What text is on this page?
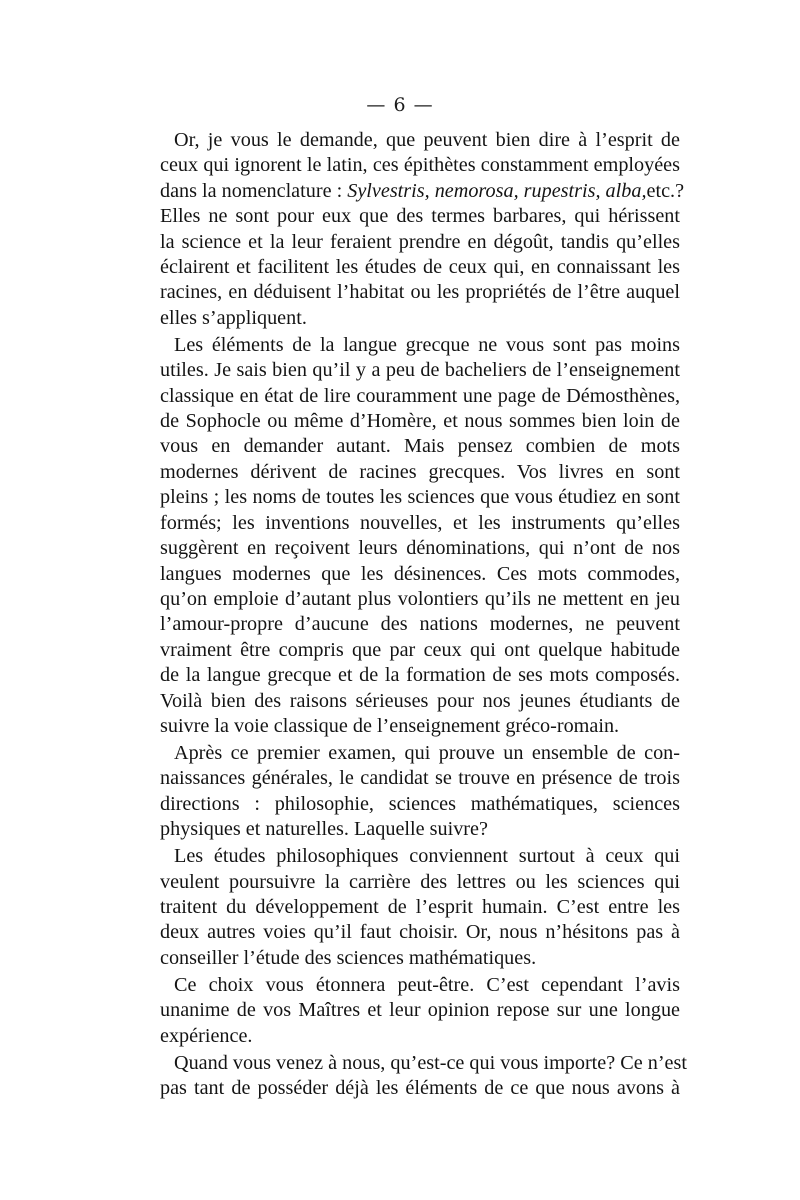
— 6 —

Or, je vous le demande, que peuvent bien dire à l’esprit de
ceux qui ignorent le latin, ces épithètes constamment employées
dans la nomenclature : Sylvestris, nemorosa, rupestris, alba,etc.?
Elles ne sont pour eux que des termes barbares, qui hérissent
la science et la leur feraient prendre en dégoût, tandis qu’elles
éclairent et facilitent les études de ceux qui, en connaissant les
racines, en déduisent l’habitat ou les propriétés de l’être auquel
elles s’appliquent.

Les éléments de la langue grecque ne vous sont pas moins
utiles. Je sais bien qu’il y a peu de bacheliers de l’enseignement
classique en état de lire couramment une page de Démosthènes,
de Sophocle ou même d’Homère, et nous sommes bien loin de
vous en demander autant. Mais pensez combien de mots
modernes dérivent de racines grecques. Vos livres en sont
pleins ; les noms de toutes les sciences que vous étudiez en sont
formés; les inventions nouvelles, et les instruments qu’elles
suggèrent en reçoivent leurs dénominations, qui n’ont de nos
langues modernes que les désinences. Ces mots commodes,
qu’on emploie d’autant plus volontiers qu’ils ne mettent en jeu
l’amour-propre d’aucune des nations modernes, ne peuvent
vraiment être compris que par ceux qui ont quelque habitude
de la langue grecque et de la formation de ses mots composés.
Voilà bien des raisons sérieuses pour nos jeunes étudiants de
suivre la voie classique de l’enseignement gréco-romain.

Après ce premier examen, qui prouve un ensemble de con-
naissances générales, le candidat se trouve en présence de trois
directions : philosophie, sciences mathématiques, sciences
physiques et naturelles. Laquelle suivre?

Les études philosophiques conviennent surtout à ceux qui
veulent poursuivre la carrière des lettres ou les sciences qui
traitent du développement de l’esprit humain. C’est entre les
deux autres voies qu’il faut choisir. Or, nous n’hésitons pas à
conseiller l’étude des sciences mathématiques.

Ce choix vous étonnera peut-être. C’est cependant l’avis
unanime de vos Maîtres et leur opinion repose sur une longue
expérience.

Quand vous venez à nous, qu’est-ce qui vous importe? Ce n’est
pas tant de posséder déjà les éléments de ce que nous avons à
